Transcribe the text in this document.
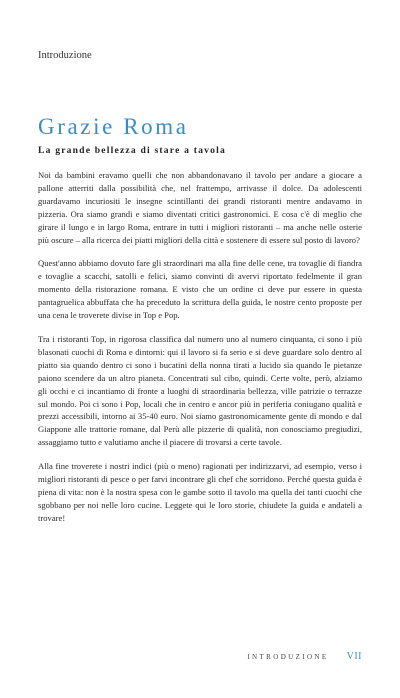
Introduzione
Grazie Roma
La grande bellezza di stare a tavola

Noi da bambini eravamo quelli che non abbandonavano il tavolo per andare a giocare a pallone atterriti dalla possibilità che, nel frattempo, arrivasse il dolce. Da adolescenti guardavamo incuriositi le insegne scintillanti dei grandi ristoranti mentre andavamo in pizzeria. Ora siamo grandi e siamo diventati critici gastronomici. E cosa c'è di meglio che girare il lungo e in largo Roma, entrare in tutti i migliori ristoranti – ma anche nelle osterie più oscure – alla ricerca dei piatti migliori della città e sostenere di essere sul posto di lavoro?

Quest'anno abbiamo dovuto fare gli straordinari ma alla fine delle cene, tra tovaglie di fiandra e tovaglie a scacchi, satolli e felici, siamo convinti di avervi riportato fedelmente il gran momento della ristorazione romana. E visto che un ordine ci deve pur essere in questa pantagruelica abbuffata che ha preceduto la scrittura della guida, le nostre cento proposte per una cena le troverete divise in Top e Pop.

Tra i ristoranti Top, in rigorosa classifica dal numero uno al numero cinquanta, ci sono i più blasonati cuochi di Roma e dintorni: qui il lavoro si fa serio e si deve guardare solo dentro al piatto sia quando dentro ci sono i bucatini della nonna tirati a lucido sia quando le pietanze paiono scendere da un altro pianeta. Concentrati sul cibo, quindi. Certe volte, però, alziamo gli occhi e ci incantiamo di fronte a luoghi di straordinaria bellezza, ville patrizie o terrazze sul mondo. Poi ci sono i Pop, locali che in centro e ancor più in periferia coniugano qualità e prezzi accessibili, intorno ai 35-40 euro. Noi siamo gastronomicamente gente di mondo e dal Giappone alle trattorie romane, dal Perù alle pizzerie di qualità, non conosciamo pregiudizi, assaggiamo tutto e valutiamo anche il piacere di trovarsi a certe tavole.

Alla fine troverete i nostri indici (più o meno) ragionati per indirizzarvi, ad esempio, verso i migliori ristoranti di pesce o per farvi incontrare gli chef che sorridono. Perché questa guida è piena di vita: non è la nostra spesa con le gambe sotto il tavolo ma quella dei tanti cuochi che sgobbano per noi nelle loro cucine. Leggete qui le loro storie, chiudete la guida e andateli a trovare!

INTRODUZIONE VII
